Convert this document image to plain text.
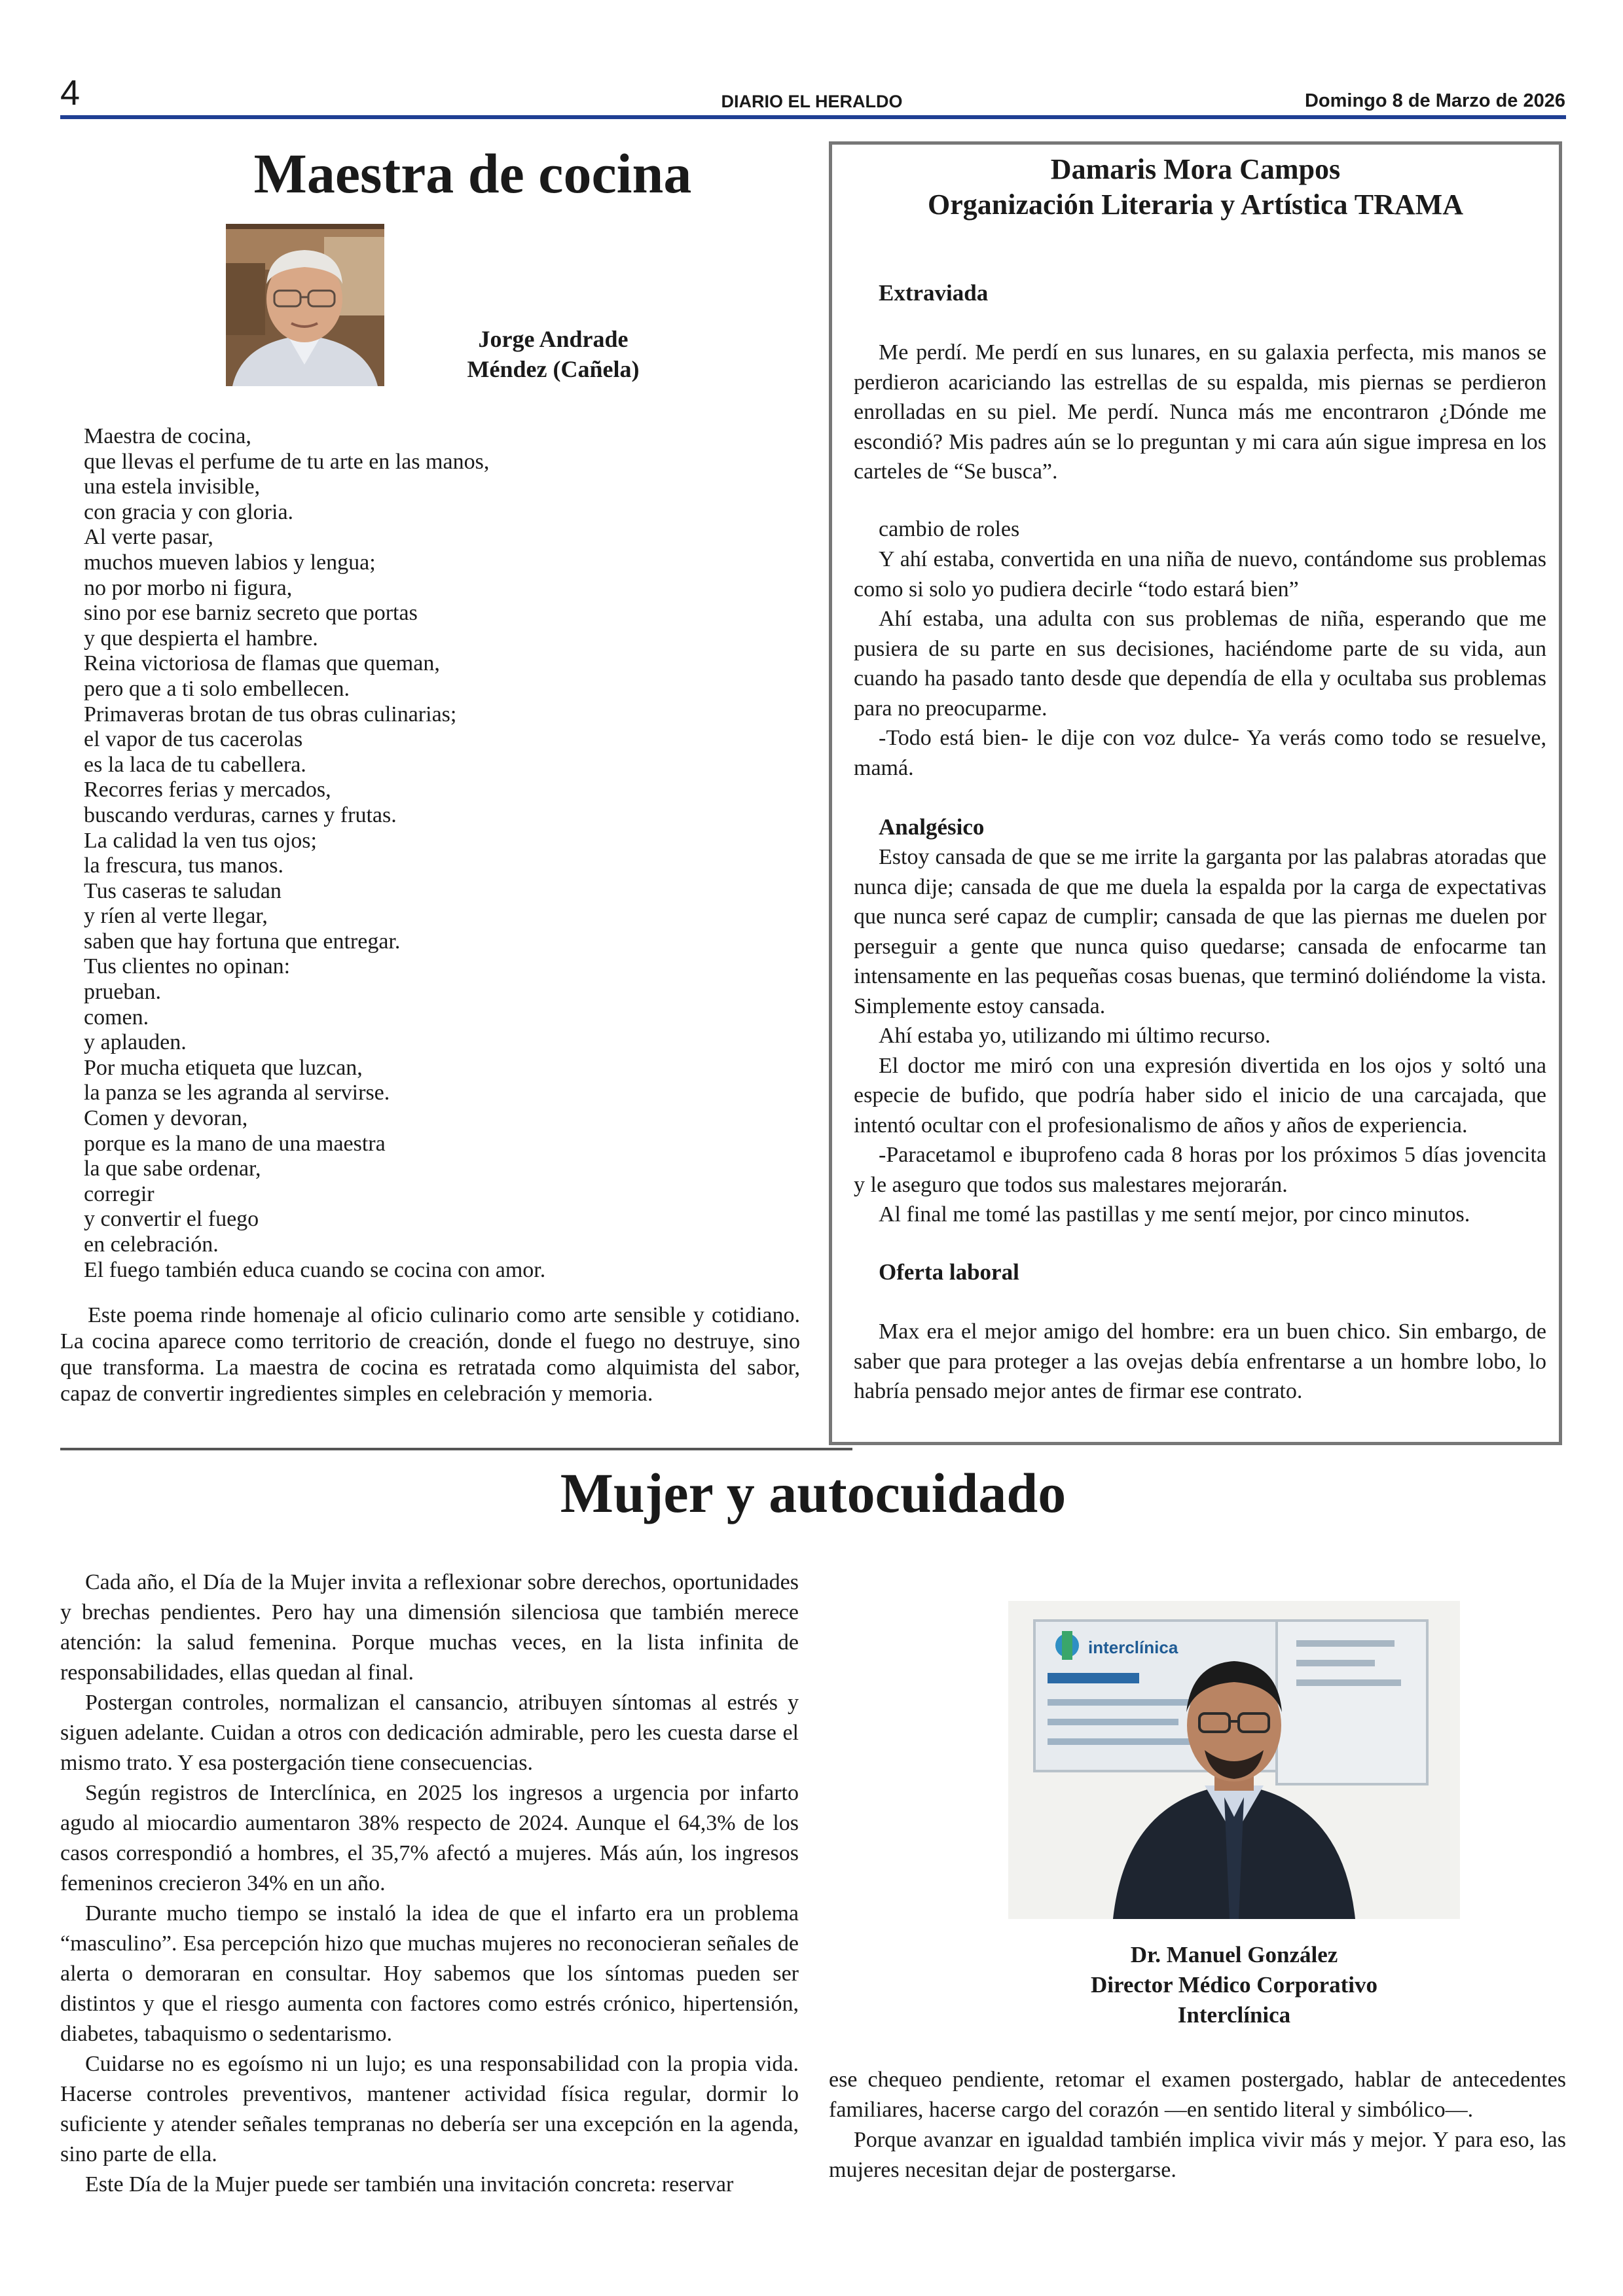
4	DIARIO EL HERALDO	Domingo 8 de Marzo de 2026
Maestra de cocina
Jorge Andrade
Méndez (Cañela)
Maestra de cocina,
que llevas el perfume de tu arte en las manos,
una estela invisible,
con gracia y con gloria.
Al verte pasar,
muchos mueven labios y lengua;
no por morbo ni figura,
sino por ese barniz secreto que portas
y que despierta el hambre.
Reina victoriosa de flamas que queman,
pero que a ti solo embellecen.
Primaveras brotan de tus obras culinarias;
el vapor de tus cacerolas
es la laca de tu cabellera.
Recorres ferias y mercados,
buscando verduras, carnes y frutas.
La calidad la ven tus ojos;
la frescura, tus manos.
Tus caseras te saludan
y ríen al verte llegar,
saben que hay fortuna que entregar.
Tus clientes no opinan:
prueban.
comen.
y aplauden.
Por mucha etiqueta que luzcan,
la panza se les agranda al servirse.
Comen y devoran,
porque es la mano de una maestra
la que sabe ordenar,
corregir
y convertir el fuego
en celebración.
El fuego también educa cuando se cocina con amor.
Este poema rinde homenaje al oficio culinario como arte sensible y cotidiano. La cocina aparece como territorio de creación, donde el fuego no destruye, sino que transforma. La maestra de cocina es retratada como alquimista del sabor, capaz de convertir ingredientes simples en celebración y memoria.
Damaris Mora Campos
Organización Literaria y Artística TRAMA
Extraviada

Me perdí. Me perdí en sus lunares, en su galaxia perfecta, mis manos se perdieron acariciando las estrellas de su espalda, mis piernas se perdieron enrolladas en su piel. Me perdí. Nunca más me encontraron ¿Dónde me escondió? Mis padres aún se lo preguntan y mi cara aún sigue impresa en los carteles de “Se busca”.

cambio de roles

Y ahí estaba, convertida en una niña de nuevo, contándome sus problemas como si solo yo pudiera decirle “todo estará bien”

Ahí estaba, una adulta con sus problemas de niña, esperando que me pusiera de su parte en sus decisiones, haciéndome parte de su vida, aun cuando ha pasado tanto desde que dependía de ella y ocultaba sus problemas para no preocuparme.

-Todo está bien- le dije con voz dulce- Ya verás como todo se resuelve, mamá.

Analgésico

Estoy cansada de que se me irrite la garganta por las palabras atoradas que nunca dije; cansada de que me duela la espalda por la carga de expectativas que nunca seré capaz de cumplir; cansada de que las piernas me duelen por perseguir a gente que nunca quiso quedarse; cansada de enfocarme tan intensamente en las pequeñas cosas buenas, que terminó doliéndome la vista. Simplemente estoy cansada.

Ahí estaba yo, utilizando mi último recurso.

El doctor me miró con una expresión divertida en los ojos y soltó una especie de bufido, que podría haber sido el inicio de una carcajada, que intentó ocultar con el profesionalismo de años y años de experiencia.

-Paracetamol e ibuprofeno cada 8 horas por los próximos 5 días jovencita y le aseguro que todos sus malestares mejorarán.

Al final me tomé las pastillas y me sentí mejor, por cinco minutos.

Oferta laboral

Max era el mejor amigo del hombre: era un buen chico. Sin embargo, de saber que para proteger a las ovejas debía enfrentarse a un hombre lobo, lo habría pensado mejor antes de firmar ese contrato.

Mujer y autocuidado

Cada año, el Día de la Mujer invita a reflexionar sobre derechos, oportunidades y brechas pendientes. Pero hay una dimensión silenciosa que también merece atención: la salud femenina. Porque muchas veces, en la lista infinita de responsabilidades, ellas quedan al final.

Postergan controles, normalizan el cansancio, atribuyen síntomas al estrés y siguen adelante. Cuidan a otros con dedicación admirable, pero les cuesta darse el mismo trato. Y esa postergación tiene consecuencias.

Según registros de Interclínica, en 2025 los ingresos a urgencia por infarto agudo al miocardio aumentaron 38% respecto de 2024. Aunque el 64,3% de los casos correspondió a hombres, el 35,7% afectó a mujeres. Más aún, los ingresos femeninos crecieron 34% en un año.

Durante mucho tiempo se instaló la idea de que el infarto era un problema “masculino”. Esa percepción hizo que muchas mujeres no reconocieran señales de alerta o demoraran en consultar. Hoy sabemos que los síntomas pueden ser distintos y que el riesgo aumenta con factores como estrés crónico, hipertensión, diabetes, tabaquismo o sedentarismo.

Cuidarse no es egoísmo ni un lujo; es una responsabilidad con la propia vida. Hacerse controles preventivos, mantener actividad física regular, dormir lo suficiente y atender señales tempranas no debería ser una excepción en la agenda, sino parte de ella.

Este Día de la Mujer puede ser también una invitación concreta: reservar

interclínica
Dr. Manuel González
Director Médico Corporativo
Interclínica

ese chequeo pendiente, retomar el examen postergado, hablar de antecedentes familiares, hacerse cargo del corazón —en sentido literal y simbólico—.

Porque avanzar en igualdad también implica vivir más y mejor. Y para eso, las mujeres necesitan dejar de postergarse.
